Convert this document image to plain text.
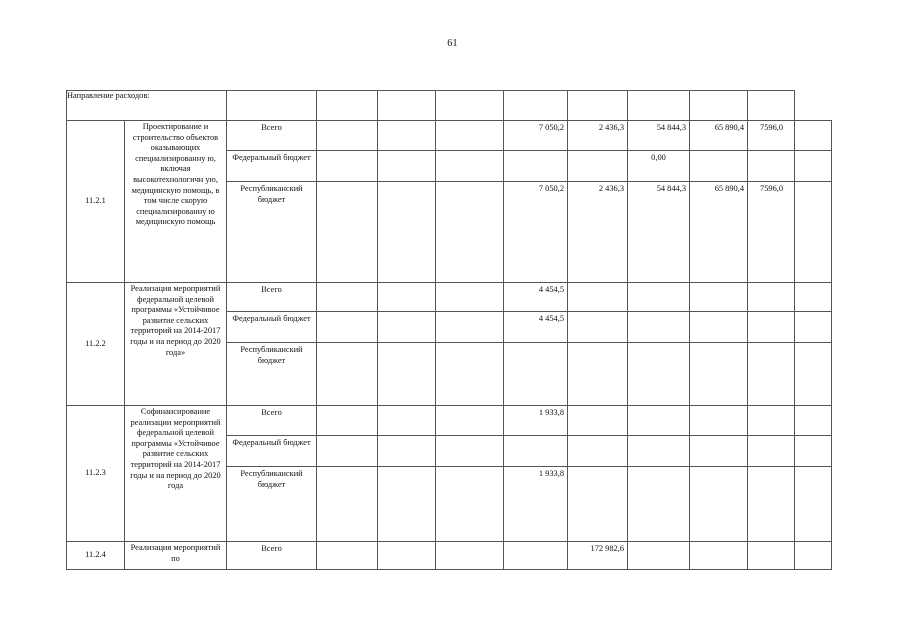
61
Направление расходов:											
11.2.1	Проектирование и строительство объектов оказывающих специализированну ю, включая высокотехнологичн ую, медицинскую помощь, в том числе скорую специализированну ю медицинскую помощь	Всего				7 050,2	2 436,3	54 844,3	65 890,4	7596,0	
		Федеральный бюджет						0,00			
		Республиканский бюджет				7 050,2	2 436,3	54 844,3	65 890,4	7596,0	
11.2.2	Реализация мероприятий федеральной целевой программы «Устойчивое развитие сельских территорий на 2014-2017 годы и на период до 2020 года»	Всего				4 454,5					
		Федеральный бюджет				4 454,5					
		Республиканский бюджет									
11.2.3	Софинансирование реализации мероприятий федеральной целевой программы «Устойчивое развитие сельских территорий на 2014-2017 годы и на период до 2020 года	Всего				1 933,8					
		Федеральный бюджет									
		Республиканский бюджет				1 933,8					
11.2.4	Реализация мероприятий по	Всего					172 982,6				
